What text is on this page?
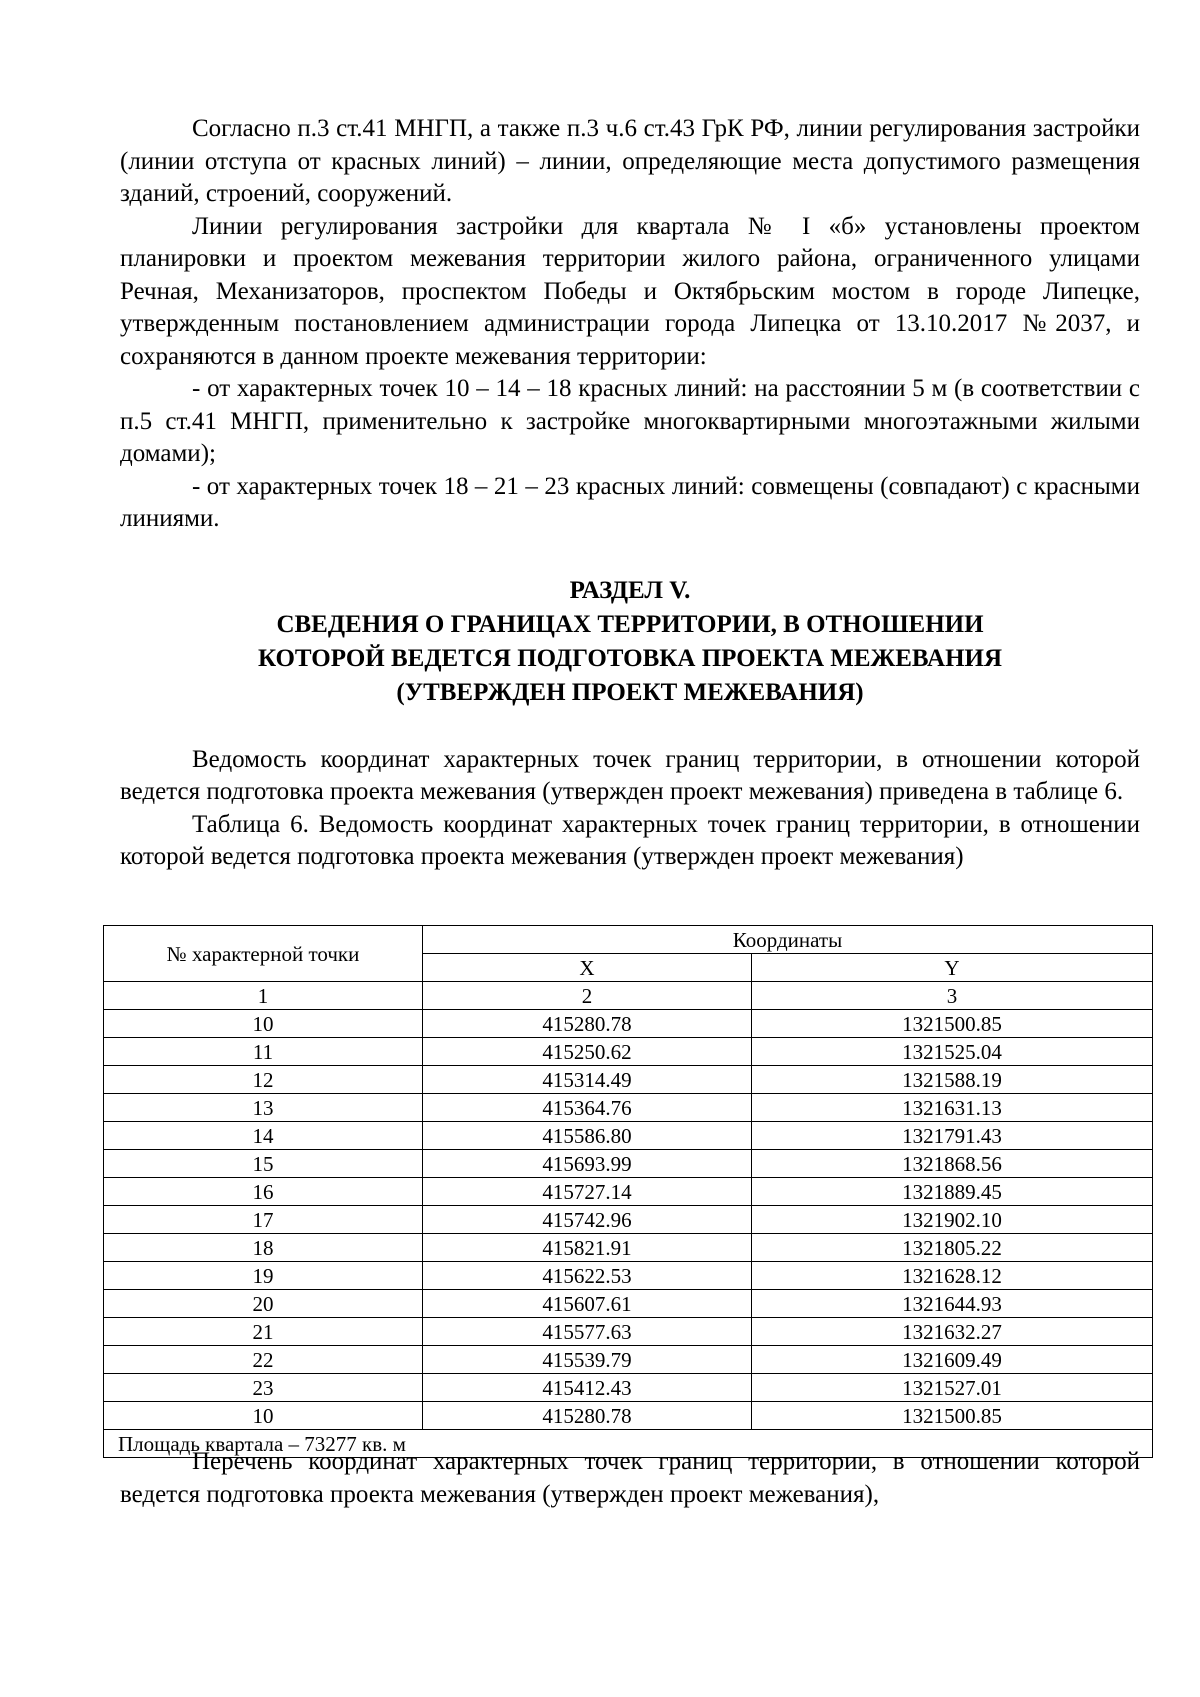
Согласно п.3 ст.41 МНГП, а также п.3 ч.6 ст.43 ГрК РФ, линии регулирования застройки (линии отступа от красных линий) – линии, определяющие места допустимого размещения зданий, строений, сооружений.

Линии регулирования застройки для квартала № I «б» установлены проектом планировки и проектом межевания территории жилого района, ограниченного улицами Речная, Механизаторов, проспектом Победы и Октябрьским мостом в городе Липецке, утвержденным постановлением администрации города Липецка от 13.10.2017 №2037, и сохраняются в данном проекте межевания территории:

- от характерных точек 10 – 14 – 18 красных линий: на расстоянии 5 м (в соответствии с п.5 ст.41 МНГП, применительно к застройке многоквартирными многоэтажными жилыми домами);

- от характерных точек 18 – 21 – 23 красных линий: совмещены (совпадают) с красными линиями.

РАЗДЕЛ V.
СВЕДЕНИЯ О ГРАНИЦАХ ТЕРРИТОРИИ, В ОТНОШЕНИИ
КОТОРОЙ ВЕДЕТСЯ ПОДГОТОВКА ПРОЕКТА МЕЖЕВАНИЯ
(УТВЕРЖДЕН ПРОЕКТ МЕЖЕВАНИЯ)

Ведомость координат характерных точек границ территории, в отношении которой ведется подготовка проекта межевания (утвержден проект межевания) приведена в таблице 6.

Таблица 6. Ведомость координат характерных точек границ территории, в отношении которой ведется подготовка проекта межевания (утвержден проект межевания)

№ характерной точки	Координаты	
	X	Y
1	2	3
10	415280.78	1321500.85
11	415250.62	1321525.04
12	415314.49	1321588.19
13	415364.76	1321631.13
14	415586.80	1321791.43
15	415693.99	1321868.56
16	415727.14	1321889.45
17	415742.96	1321902.10
18	415821.91	1321805.22
19	415622.53	1321628.12
20	415607.61	1321644.93
21	415577.63	1321632.27
22	415539.79	1321609.49
23	415412.43	1321527.01
10	415280.78	1321500.85
Площадь квартала – 73277 кв. м		

Перечень координат характерных точек границ территории, в отношении которой ведется подготовка проекта межевания (утвержден проект межевания),
